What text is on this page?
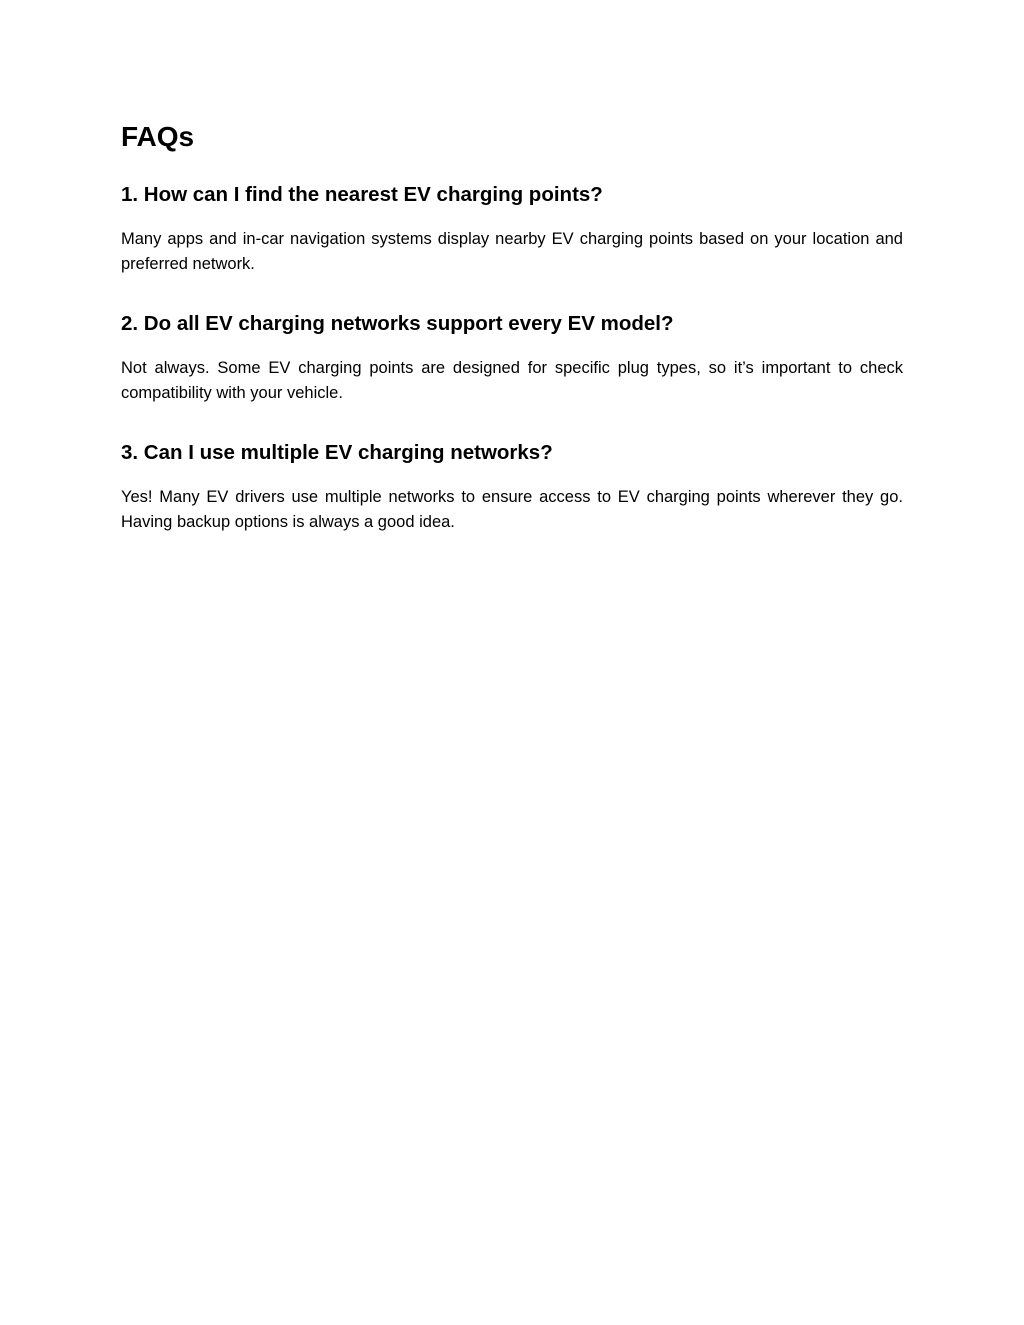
FAQs
1. How can I find the nearest EV charging points?

Many apps and in-car navigation systems display nearby EV charging points based on your location and preferred network.

2. Do all EV charging networks support every EV model?

Not always. Some EV charging points are designed for specific plug types, so it’s important to check compatibility with your vehicle.

3. Can I use multiple EV charging networks?

Yes! Many EV drivers use multiple networks to ensure access to EV charging points wherever they go. Having backup options is always a good idea.
